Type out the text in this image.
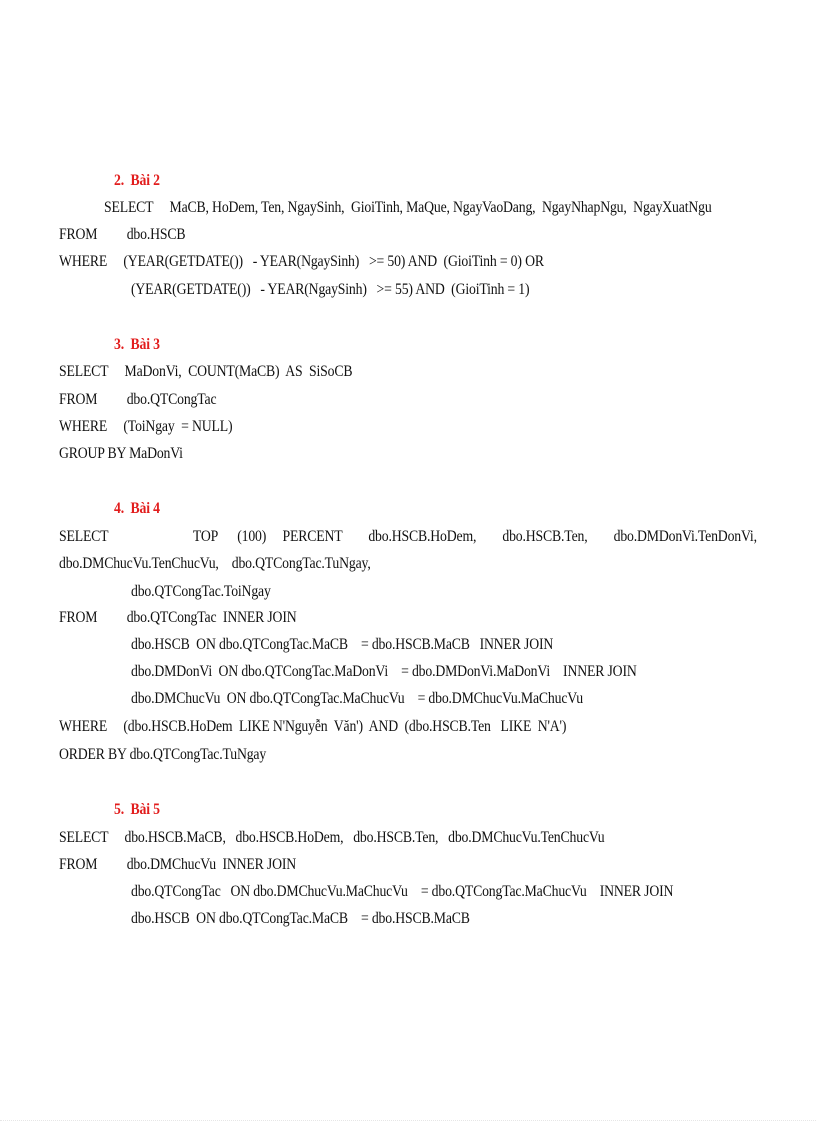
2.  Bài 2
SELECT     MaCB, HoDem, Ten, NgaySinh,  GioiTinh, MaQue, NgayVaoDang,  NgayNhapNgu,  NgayXuatNgu
FROM         dbo.HSCB
WHERE     (YEAR(GETDATE())   - YEAR(NgaySinh)   >= 50) AND  (GioiTinh = 0) OR
(YEAR(GETDATE())   - YEAR(NgaySinh)   >= 55) AND  (GioiTinh = 1)
3.  Bài 3
SELECT     MaDonVi,  COUNT(MaCB)  AS  SiSoCB
FROM         dbo.QTCongTac
WHERE     (ToiNgay  = NULL)
GROUP BY MaDonVi
4.  Bài 4
SELECT                          TOP      (100)     PERCENT        dbo.HSCB.HoDem,        dbo.HSCB.Ten,        dbo.DMDonVi.TenDonVi,
dbo.DMChucVu.TenChucVu,    dbo.QTCongTac.TuNgay,
dbo.QTCongTac.ToiNgay
FROM         dbo.QTCongTac  INNER JOIN
dbo.HSCB  ON dbo.QTCongTac.MaCB    = dbo.HSCB.MaCB   INNER JOIN
dbo.DMDonVi  ON dbo.QTCongTac.MaDonVi    = dbo.DMDonVi.MaDonVi    INNER JOIN
dbo.DMChucVu  ON dbo.QTCongTac.MaChucVu    = dbo.DMChucVu.MaChucVu
WHERE     (dbo.HSCB.HoDem  LIKE N'Nguyễn  Văn')  AND  (dbo.HSCB.Ten   LIKE  N'A')
ORDER BY dbo.QTCongTac.TuNgay
5.  Bài 5
SELECT     dbo.HSCB.MaCB,   dbo.HSCB.HoDem,   dbo.HSCB.Ten,   dbo.DMChucVu.TenChucVu
FROM         dbo.DMChucVu  INNER JOIN
dbo.QTCongTac   ON dbo.DMChucVu.MaChucVu    = dbo.QTCongTac.MaChucVu    INNER JOIN
dbo.HSCB  ON dbo.QTCongTac.MaCB    = dbo.HSCB.MaCB
